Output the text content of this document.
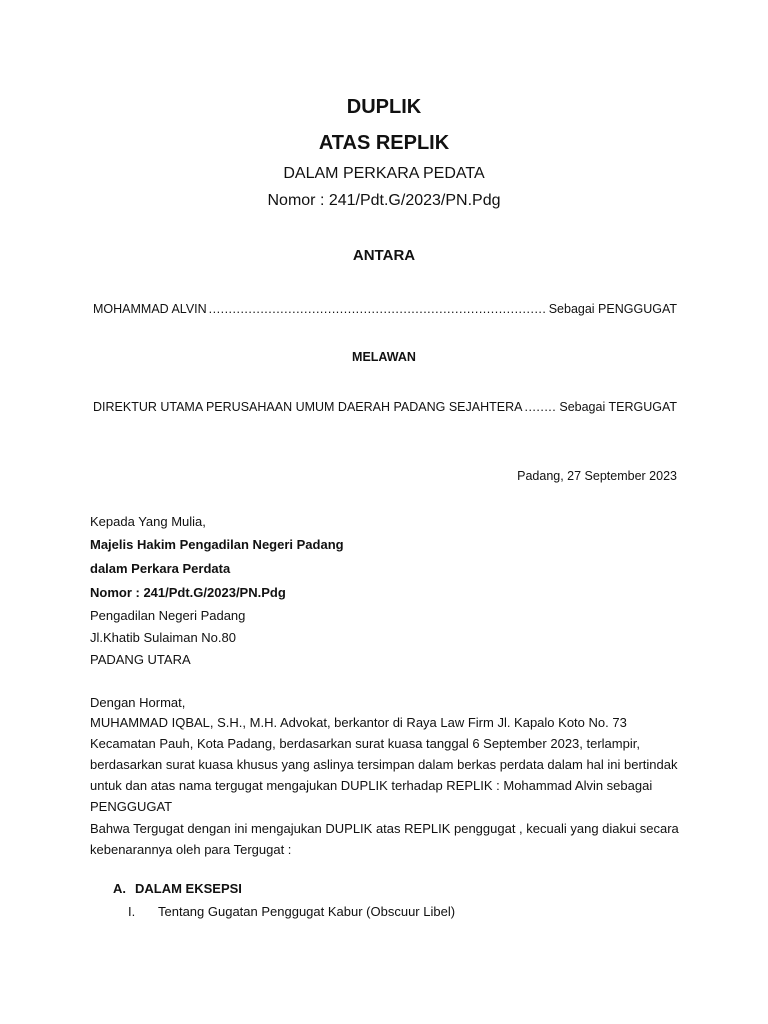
DUPLIK
ATAS REPLIK
DALAM PERKARA PEDATA
Nomor : 241/Pdt.G/2023/PN.Pdg
ANTARA
MOHAMMAD ALVIN .....	Sebagai PENGGUGAT
MELAWAN
DIREKTUR UTAMA PERUSAHAAN UMUM DAERAH PADANG SEJAHTERA .....	Sebagai TERGUGAT
Padang, 27 September 2023
Kepada Yang Mulia,
Majelis Hakim Pengadilan Negeri Padang
dalam Perkara Perdata
Nomor : 241/Pdt.G/2023/PN.Pdg
Pengadilan Negeri Padang
Jl.Khatib Sulaiman No.80
PADANG UTARA
Dengan Hormat,
MUHAMMAD IQBAL, S.H., M.H. Advokat, berkantor di Raya Law Firm Jl. Kapalo Koto No. 73 Kecamatan Pauh, Kota Padang, berdasarkan surat kuasa tanggal 6 September 2023, terlampir, berdasarkan surat kuasa khusus yang aslinya tersimpan dalam berkas perdata dalam hal ini bertindak untuk dan atas nama tergugat mengajukan DUPLIK terhadap REPLIK : Mohammad Alvin sebagai PENGGUGAT
Bahwa Tergugat dengan ini mengajukan DUPLIK atas REPLIK penggugat , kecuali yang diakui secara kebenarannya oleh para Tergugat :
A. DALAM EKSEPSI
I. Tentang Gugatan Penggugat Kabur (Obscuur Libel)
